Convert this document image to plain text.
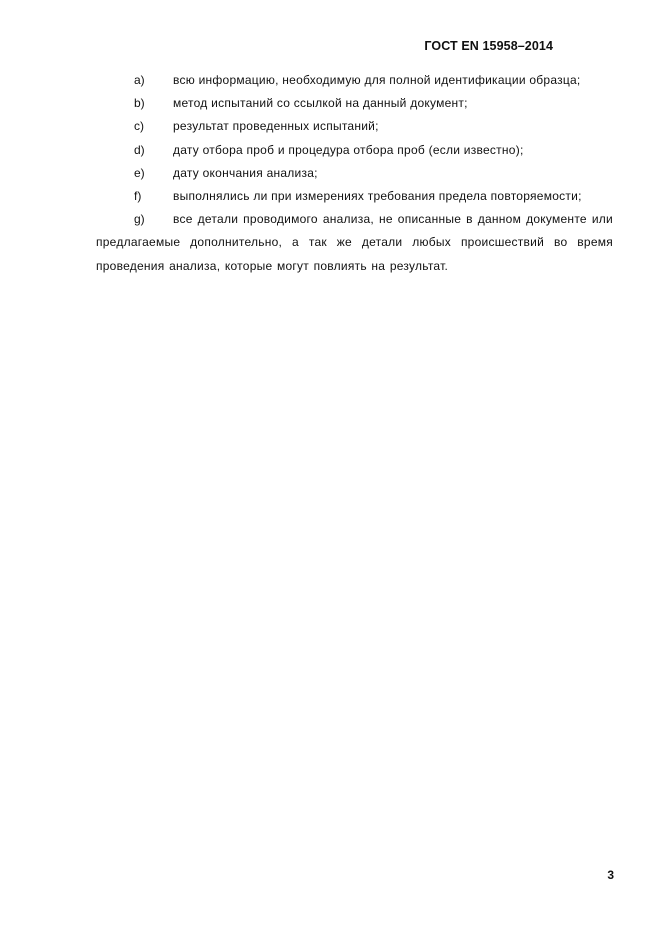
ГОСТ EN 15958–2014
a)	всю информацию, необходимую для полной идентификации образца;
b)	метод испытаний со ссылкой на данный документ;
c)	результат проведенных испытаний;
d)	дату отбора проб и процедура отбора проб (если известно);
e)	дату окончания анализа;
f)	выполнялись ли при измерениях требования предела повторяемости;
g)	все детали проводимого анализа, не описанные в данном документе или предлагаемые дополнительно, а так же детали любых происшествий во время проведения анализа, которые могут повлиять на результат.
3
